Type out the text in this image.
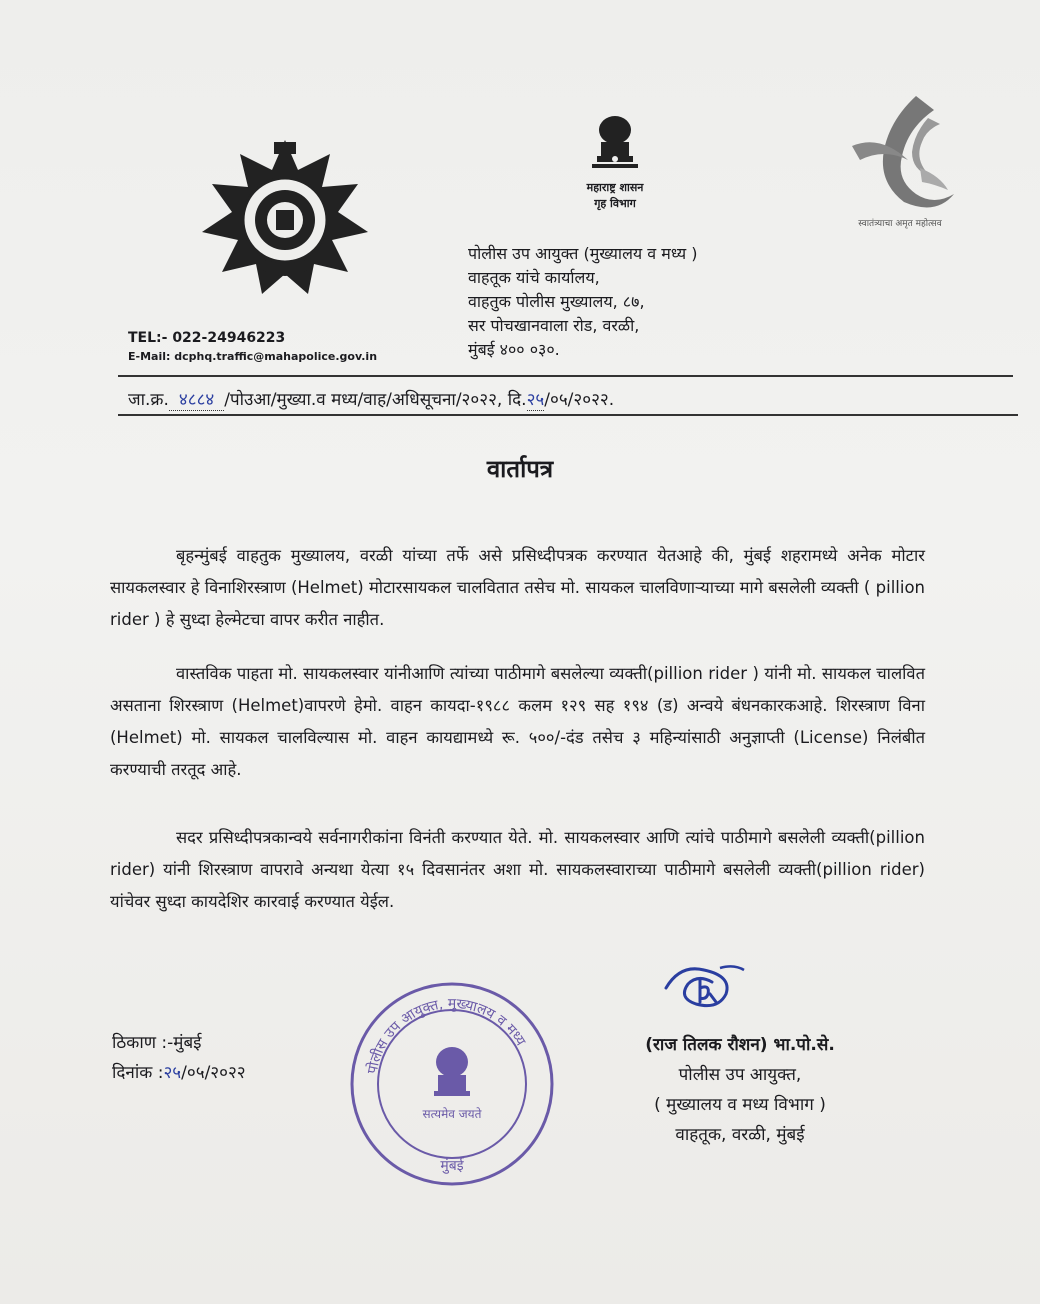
महाराष्ट्र शासन
गृह विभाग
स्वातंत्र्याचा अमृत महोत्सव
पोलीस उप आयुक्त (मुख्यालय व मध्य )
वाहतूक यांचे कार्यालय,
वाहतुक पोलीस मुख्यालय, ८७,
सर पोचखानवाला रोड, वरळी,
मुंबई ४०० ०३०.
TEL:- 022-24946223
E-Mail: dcphq.traffic@mahapolice.gov.in
जा.क्र. ४८८४ /पोउआ/मुख्या.व मध्य/वाह/अधिसूचना/२०२२, दि.२५/०५/२०२२.
वार्तापत्र
बृहन्मुंबई वाहतुक मुख्यालय, वरळी यांच्या तर्फे असे प्रसिध्दीपत्रक करण्यात येतआहे की, मुंबई शहरामध्ये अनेक मोटार सायकलस्वार हे विनाशिरस्त्राण (Helmet) मोटारसायकल चालवितात तसेच मो. सायकल चालविणाऱ्याच्या मागे बसलेली व्यक्ती ( pillion rider ) हे सुध्दा हेल्मेटचा वापर करीत नाहीत.
वास्तविक पाहता मो. सायकलस्वार यांनीआणि त्यांच्या पाठीमागे बसलेल्या व्यक्ती(pillion rider ) यांनी मो. सायकल चालवित असताना शिरस्त्राण (Helmet)वापरणे हेमो. वाहन कायदा-१९८८ कलम १२९ सह १९४ (ड) अन्वये बंधनकारकआहे. शिरस्त्राण विना (Helmet) मो. सायकल चालविल्यास मो. वाहन कायद्यामध्ये रू. ५००/-दंड तसेच ३ महिन्यांसाठी अनुज्ञाप्ती (License) निलंबीत करण्याची तरतूद आहे.
सदर प्रसिध्दीपत्रकान्वये सर्वनागरीकांना विनंती करण्यात येते. मो. सायकलस्वार आणि त्यांचे पाठीमागे बसलेली व्यक्ती(pillion rider) यांनी शिरस्त्राण वापरावे अन्यथा येत्या १५ दिवसानंतर अशा मो. सायकलस्वाराच्या पाठीमागे बसलेली व्यक्ती(pillion rider) यांचेवर सुध्दा कायदेशिर कारवाई करण्यात येईल.
ठिकाण :-मुंबई
दिनांक :२५/०५/२०२२	पोलीस उप आयुक्त, मुख्यालय व मध्य
सत्यमेव जयते
मुंबई
(राज तिलक रौशन) भा.पो.से.
पोलीस उप आयुक्त,
( मुख्यालय व मध्य विभाग )
वाहतूक, वरळी, मुंबई
